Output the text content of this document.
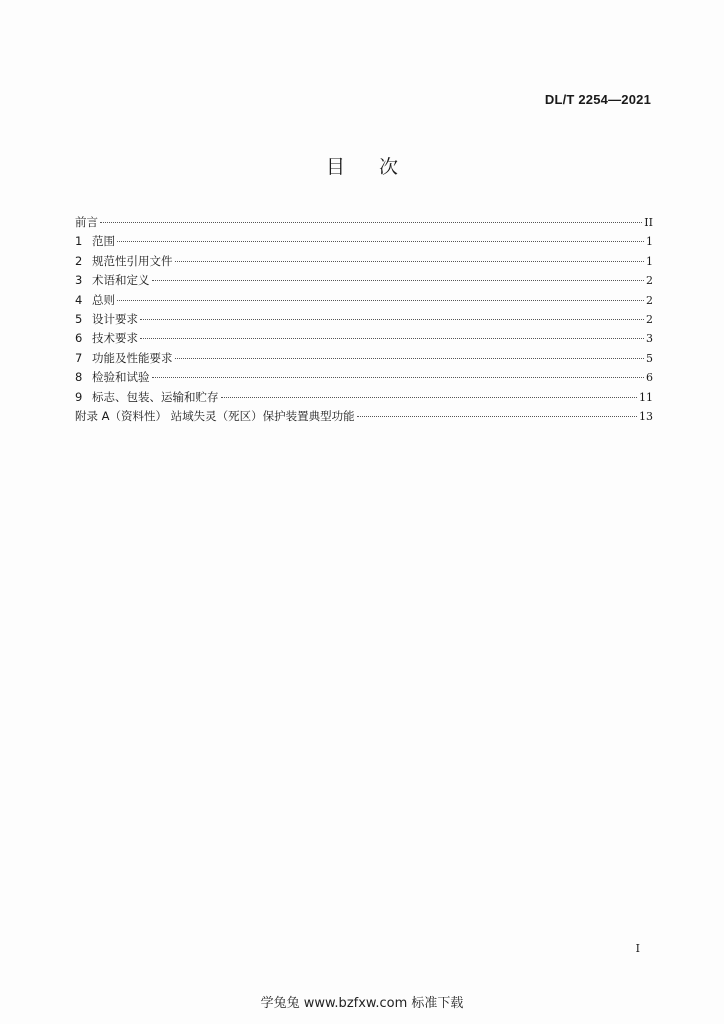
DL/T 2254—2021
目次
前言	II
1 范围	1
2 规范性引用文件	1
3 术语和定义	2
4 总则	2
5 设计要求	2
6 技术要求	3
7 功能及性能要求	5
8 检验和试验	6
9 标志、包装、运输和贮存	11
附录 A（资料性） 站域失灵（死区）保护装置典型功能	13
I
学兔兔 www.bzfxw.com 标准下载
